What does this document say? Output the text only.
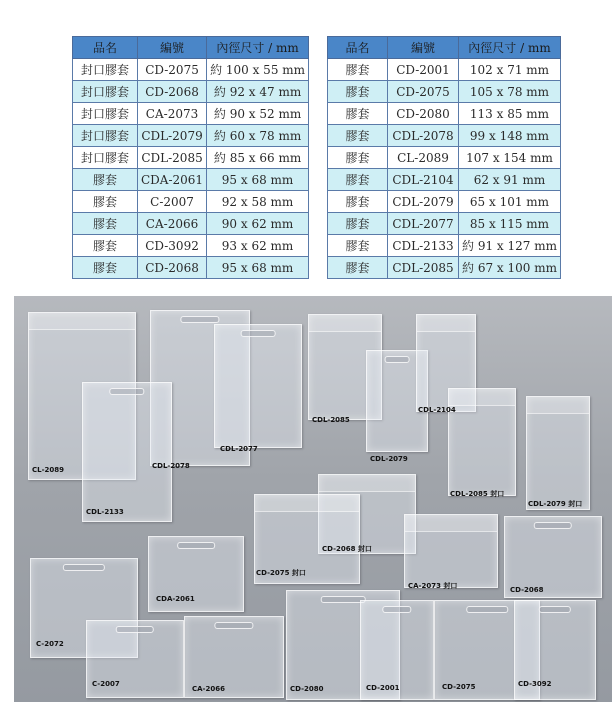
品名	編號	內徑尺寸 / mm
封口膠套	CD-2075	約 100 x 55 mm
封口膠套	CD-2068	約 92 x 47 mm
封口膠套	CA-2073	約 90 x 52 mm
封口膠套	CDL-2079	約 60 x 78 mm
封口膠套	CDL-2085	約 85 x 66 mm
膠套	CDA-2061	95 x 68 mm
膠套	C-2007	92 x 58 mm
膠套	CA-2066	90 x 62 mm
膠套	CD-3092	93 x 62 mm
膠套	CD-2068	95 x 68 mm
品名	編號	內徑尺寸 / mm
膠套	CD-2001	102 x 71 mm
膠套	CD-2075	105 x 78 mm
膠套	CD-2080	113 x 85 mm
膠套	CDL-2078	99 x 148 mm
膠套	CL-2089	107 x 154 mm
膠套	CDL-2104	62 x 91 mm
膠套	CDL-2079	65 x 101 mm
膠套	CDL-2077	85 x 115 mm
膠套	CDL-2133	約 91 x 127 mm
膠套	CDL-2085	約 67 x 100 mm
CL-2089	CDL-2078
CDL-2133
CDL-2077
CDL-2085
CDL-2079
CDL-2104
CDL-2085 封口
CDL-2079 封口
CD-2068 封口
CD-2075 封口
CDA-2061
CA-2073 封口	CD-2068
C-2072
C-2007
CA-2066	CD-2080	CD-2001	CD-2075	CD-3092
